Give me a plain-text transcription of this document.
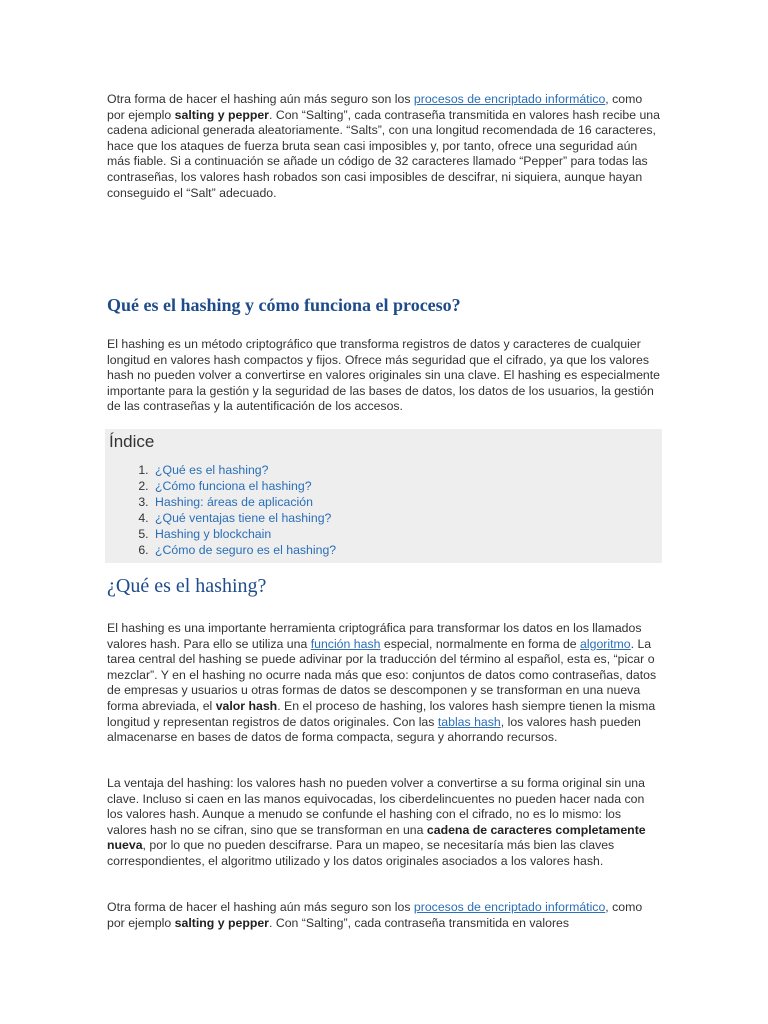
Otra forma de hacer el hashing aún más seguro son los procesos de encriptado informático, como por ejemplo salting y pepper. Con “Salting”, cada contraseña transmitida en valores hash recibe una cadena adicional generada aleatoriamente. “Salts”, con una longitud recomendada de 16 caracteres, hace que los ataques de fuerza bruta sean casi imposibles y, por tanto, ofrece una seguridad aún más fiable. Si a continuación se añade un código de 32 caracteres llamado “Pepper” para todas las contraseñas, los valores hash robados son casi imposibles de descifrar, ni siquiera, aunque hayan conseguido el “Salt” adecuado.

Qué es el hashing y cómo funciona el proceso?

El hashing es un método criptográfico que transforma registros de datos y caracteres de cualquier longitud en valores hash compactos y fijos. Ofrece más seguridad que el cifrado, ya que los valores hash no pueden volver a convertirse en valores originales sin una clave. El hashing es especialmente importante para la gestión y la seguridad de las bases de datos, los datos de los usuarios, la gestión de las contraseñas y la autentificación de los accesos.

Índice
1. ¿Qué es el hashing?
2. ¿Cómo funciona el hashing?
3. Hashing: áreas de aplicación
4. ¿Qué ventajas tiene el hashing?
5. Hashing y blockchain
6. ¿Cómo de seguro es el hashing?
¿Qué es el hashing?

El hashing es una importante herramienta criptográfica para transformar los datos en los llamados valores hash. Para ello se utiliza una función hash especial, normalmente en forma de algoritmo. La tarea central del hashing se puede adivinar por la traducción del término al español, esta es, “picar o mezclar”. Y en el hashing no ocurre nada más que eso: conjuntos de datos como contraseñas, datos de empresas y usuarios u otras formas de datos se descomponen y se transforman en una nueva forma abreviada, el valor hash. En el proceso de hashing, los valores hash siempre tienen la misma longitud y representan registros de datos originales. Con las tablas hash, los valores hash pueden almacenarse en bases de datos de forma compacta, segura y ahorrando recursos.

La ventaja del hashing: los valores hash no pueden volver a convertirse a su forma original sin una clave. Incluso si caen en las manos equivocadas, los ciberdelincuentes no pueden hacer nada con los valores hash. Aunque a menudo se confunde el hashing con el cifrado, no es lo mismo: los valores hash no se cifran, sino que se transforman en una cadena de caracteres completamente nueva, por lo que no pueden descifrarse. Para un mapeo, se necesitaría más bien las claves correspondientes, el algoritmo utilizado y los datos originales asociados a los valores hash.

Otra forma de hacer el hashing aún más seguro son los procesos de encriptado informático, como por ejemplo salting y pepper. Con “Salting”, cada contraseña transmitida en valores
